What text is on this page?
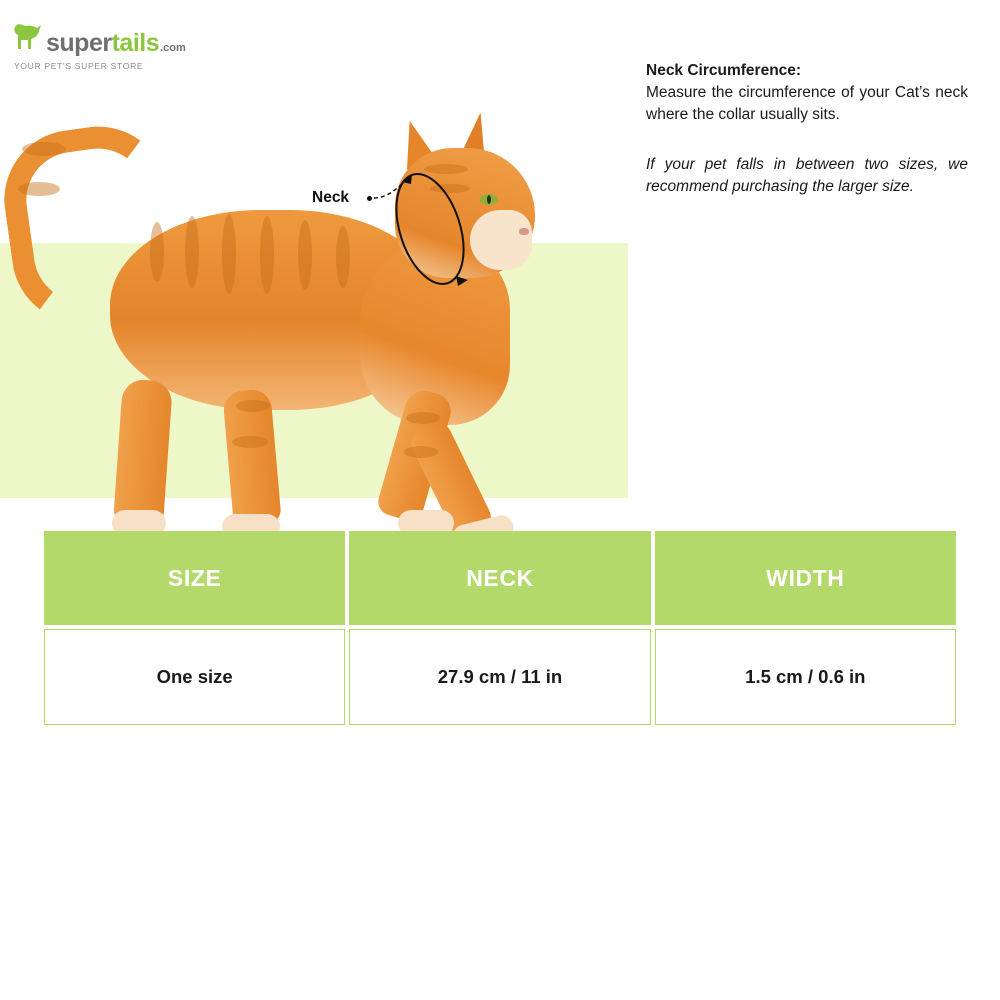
super tails .com
YOUR PET'S SUPER STORE
Neck

Neck Circumference:

Measure the circumference of your Cat’s neck where the collar usually sits.

If your pet falls in between two sizes, we recommend purchasing the larger size.

SIZE	NECK	WIDTH
One size	27.9 cm / 11 in	1.5 cm / 0.6 in
